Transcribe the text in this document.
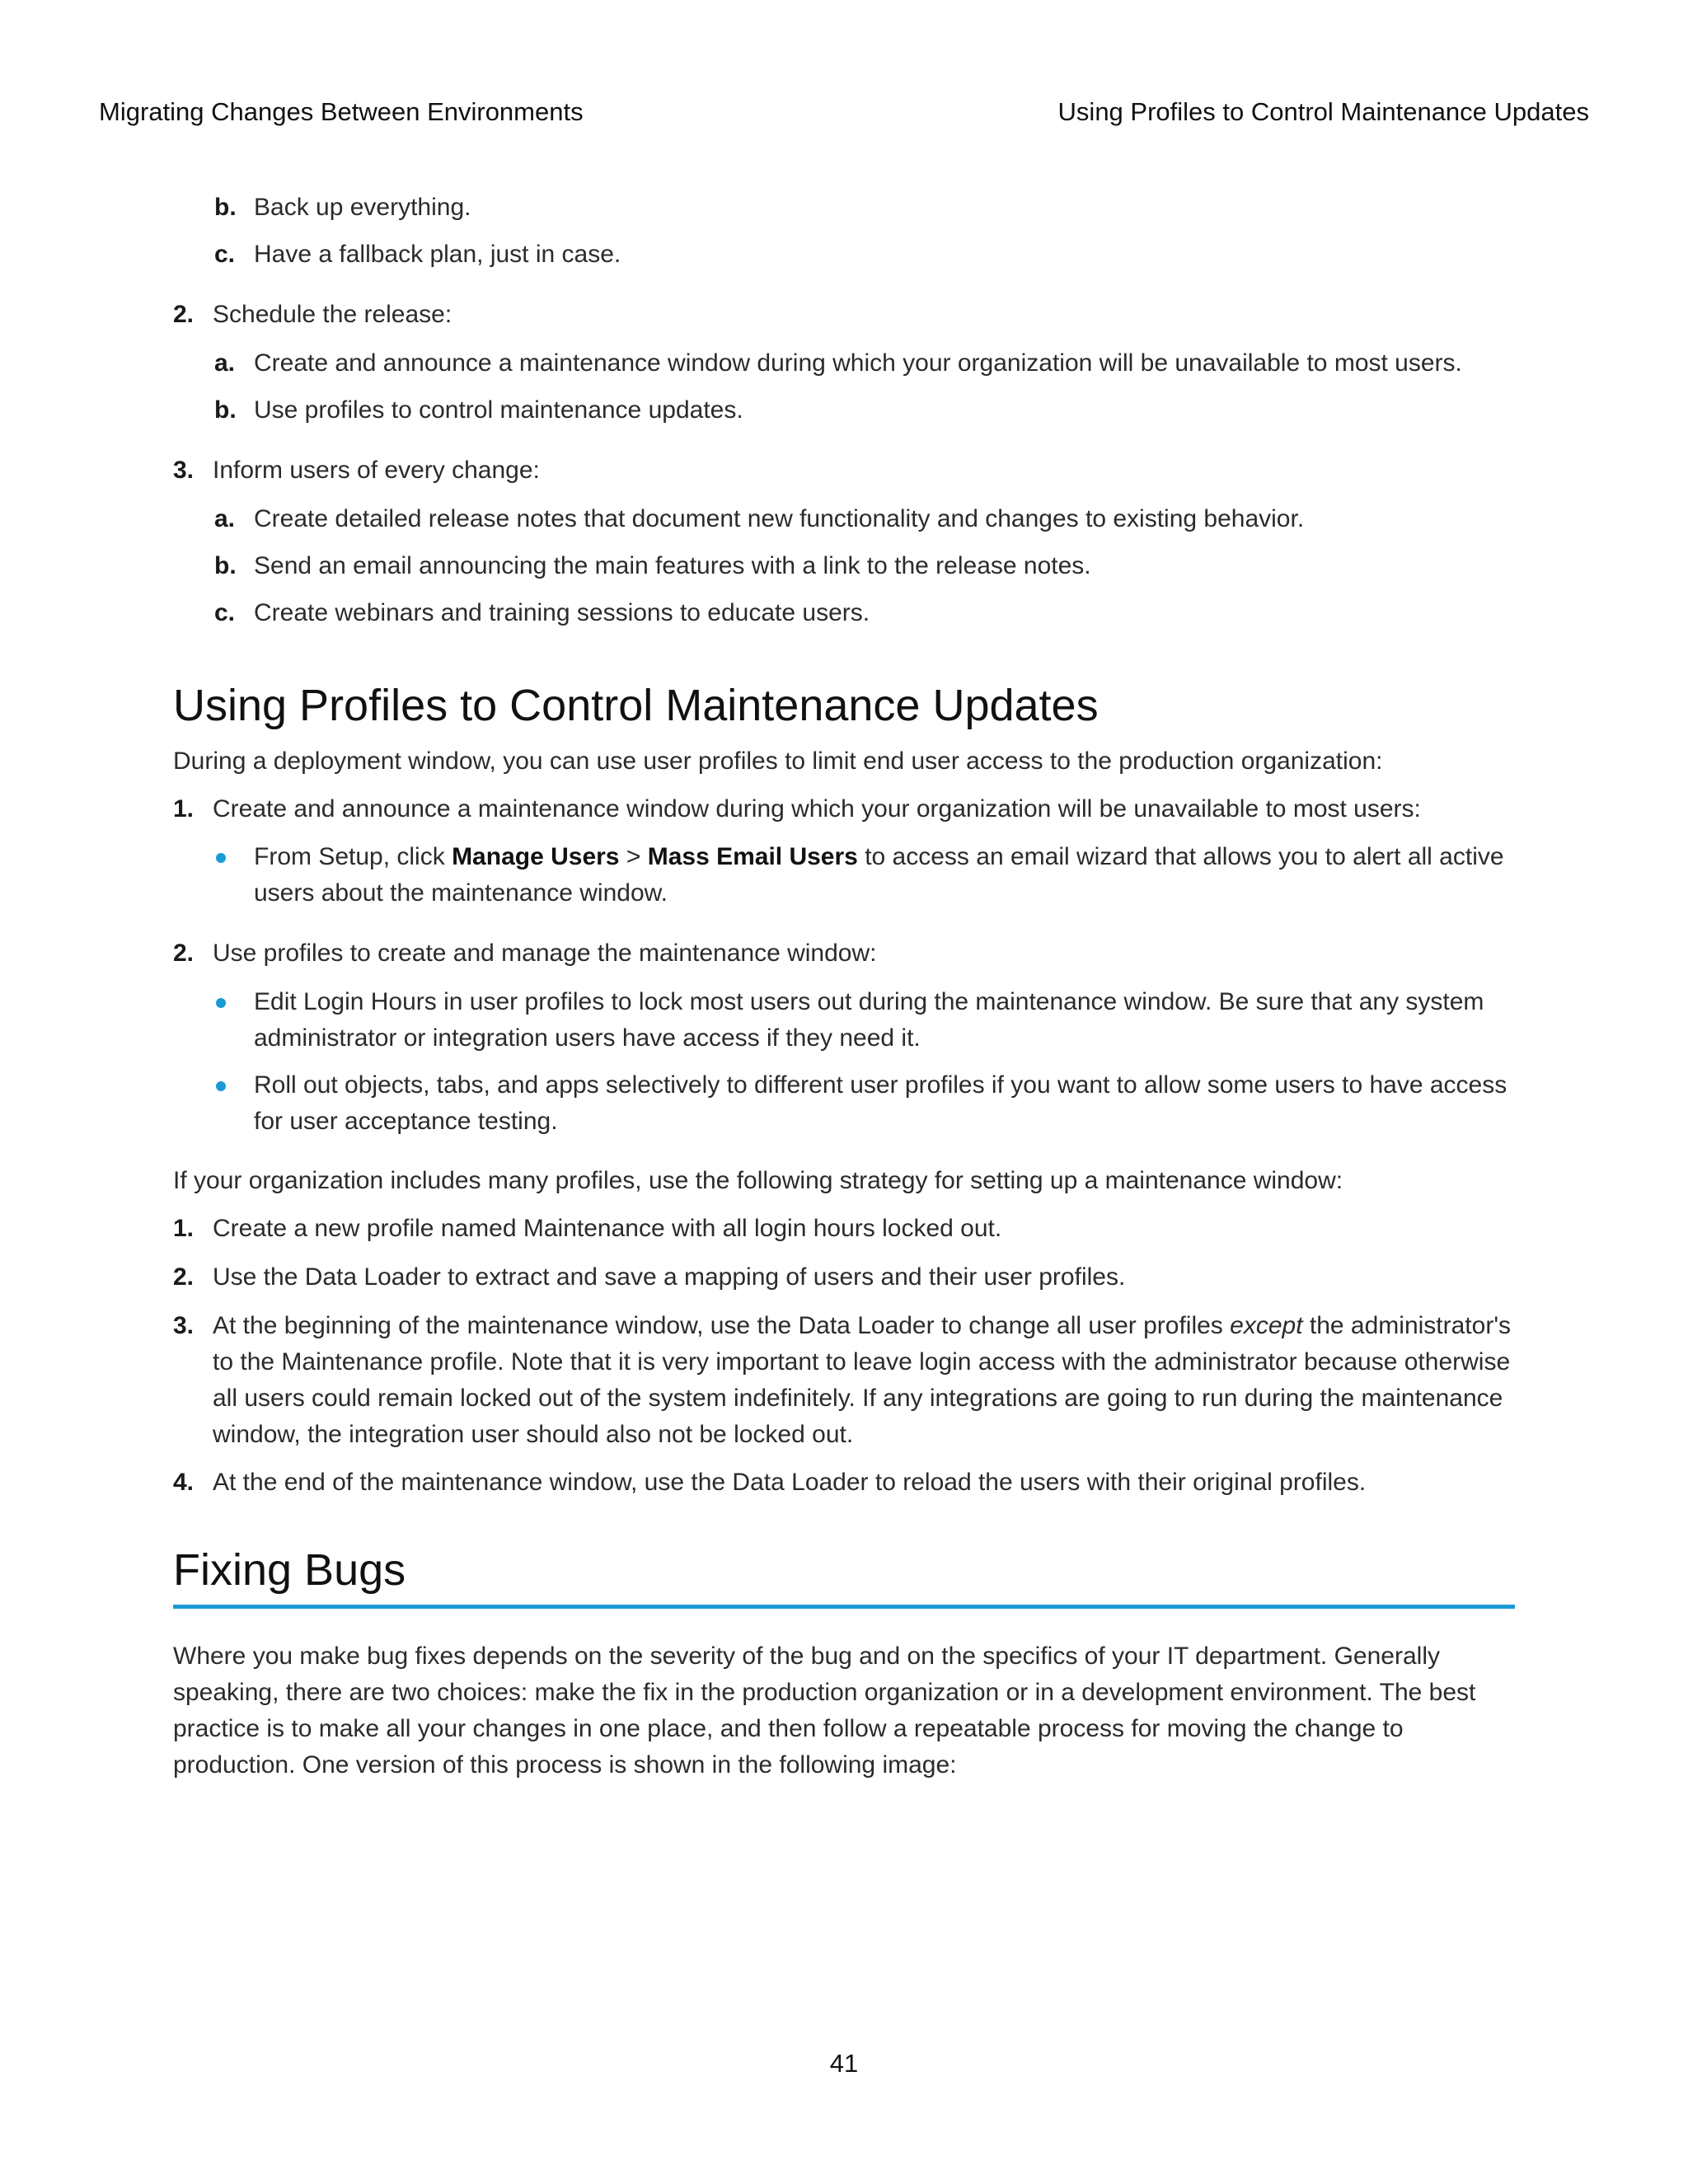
Migrating Changes Between Environments	Using Profiles to Control Maintenance Updates
b. Back up everything.
c. Have a fallback plan, just in case.
2. Schedule the release:
a. Create and announce a maintenance window during which your organization will be unavailable to most users.
b. Use profiles to control maintenance updates.
3. Inform users of every change:
a. Create detailed release notes that document new functionality and changes to existing behavior.
b. Send an email announcing the main features with a link to the release notes.
c. Create webinars and training sessions to educate users.
Using Profiles to Control Maintenance Updates
During a deployment window, you can use user profiles to limit end user access to the production organization:
1. Create and announce a maintenance window during which your organization will be unavailable to most users:
From Setup, click Manage Users > Mass Email Users to access an email wizard that allows you to alert all active users about the maintenance window.
2. Use profiles to create and manage the maintenance window:
Edit Login Hours in user profiles to lock most users out during the maintenance window. Be sure that any system administrator or integration users have access if they need it.
Roll out objects, tabs, and apps selectively to different user profiles if you want to allow some users to have access for user acceptance testing.
If your organization includes many profiles, use the following strategy for setting up a maintenance window:
1. Create a new profile named Maintenance with all login hours locked out.
2. Use the Data Loader to extract and save a mapping of users and their user profiles.
3. At the beginning of the maintenance window, use the Data Loader to change all user profiles except the administrator's to the Maintenance profile. Note that it is very important to leave login access with the administrator because otherwise all users could remain locked out of the system indefinitely. If any integrations are going to run during the maintenance window, the integration user should also not be locked out.
4. At the end of the maintenance window, use the Data Loader to reload the users with their original profiles.
Fixing Bugs
Where you make bug fixes depends on the severity of the bug and on the specifics of your IT department. Generally speaking, there are two choices: make the fix in the production organization or in a development environment. The best practice is to make all your changes in one place, and then follow a repeatable process for moving the change to production. One version of this process is shown in the following image:
41
